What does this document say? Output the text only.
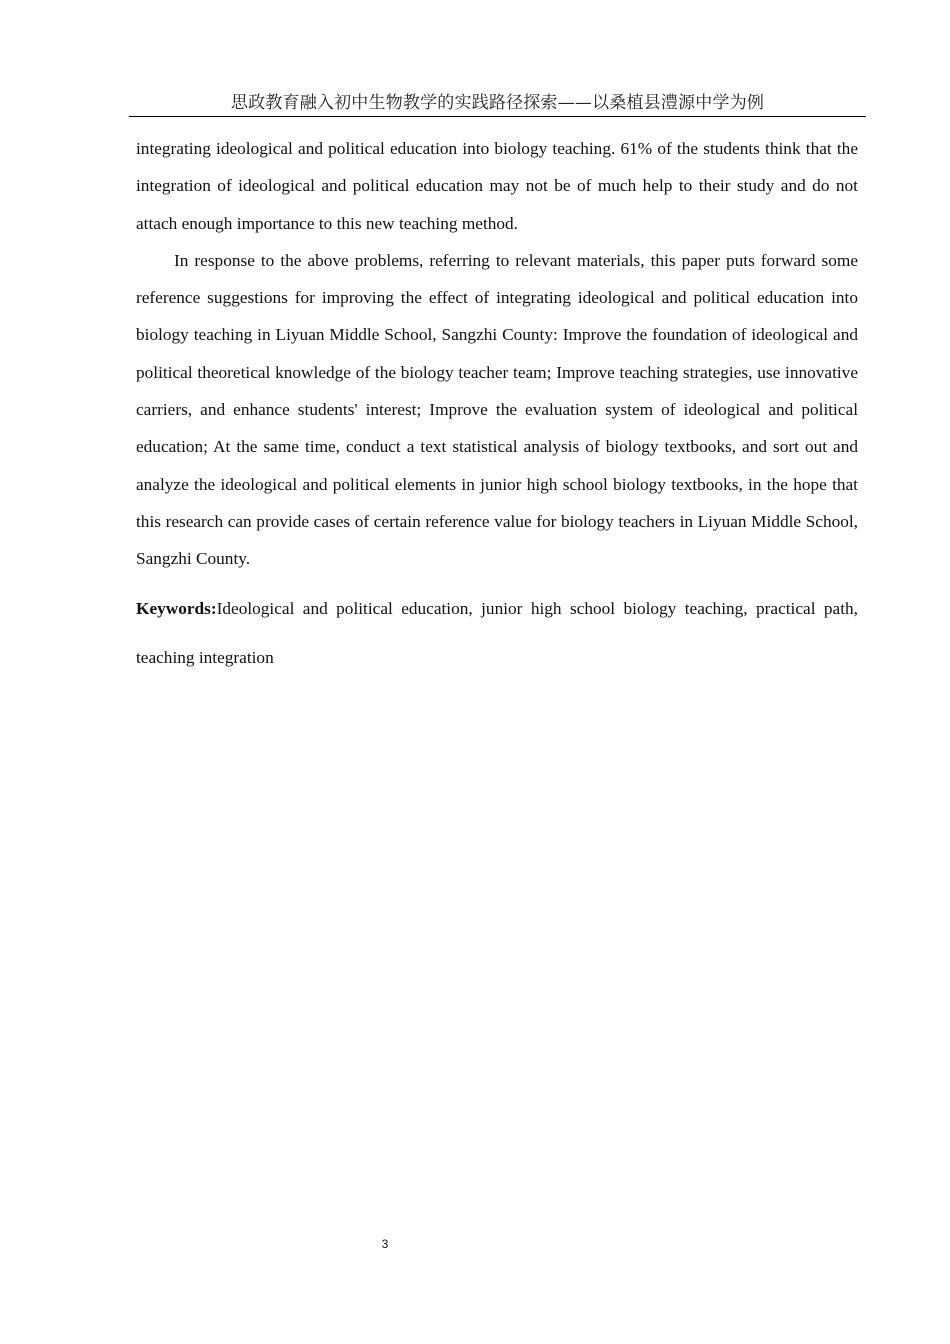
思政教育融入初中生物教学的实践路径探索——以桑植县澧源中学为例

integrating ideological and political education into biology teaching. 61% of the students think that the integration of ideological and political education may not be of much help to their study and do not attach enough importance to this new teaching method.

In response to the above problems, referring to relevant materials, this paper puts forward some reference suggestions for improving the effect of integrating ideological and political education into biology teaching in Liyuan Middle School, Sangzhi County: Improve the foundation of ideological and political theoretical knowledge of the biology teacher team; Improve teaching strategies, use innovative carriers, and enhance students' interest; Improve the evaluation system of ideological and political education; At the same time, conduct a text statistical analysis of biology textbooks, and sort out and analyze the ideological and political elements in junior high school biology textbooks, in the hope that this research can provide cases of certain reference value for biology teachers in Liyuan Middle School, Sangzhi County.

Keywords:Ideological and political education, junior high school biology teaching, practical path, teaching integration

3
